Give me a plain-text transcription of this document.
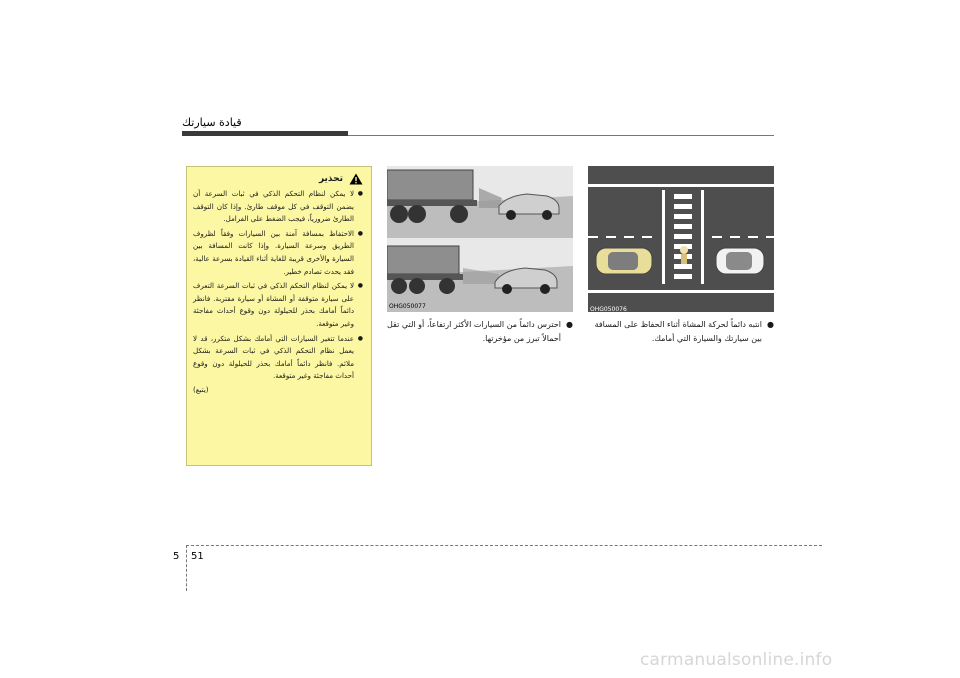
قيادة سيارتك
تحذير
● لا يمكن لنظام التحكم الذكي في ثبات السرعة أن يضمن التوقف في كل موقف طارئ. وإذا كان التوقف الطارئ ضرورياً، فيجب الضغط على الفرامل.
● الاحتفاظ بمسافة آمنة بين السيارات وفقاً لظروف الطريق وسرعة السيارة. وإذا كانت المسافة بين السيارة والأخرى قريبة للغاية أثناء القيادة بسرعة عالية، فقد يحدث تصادم خطير.
● لا يمكن لنظام التحكم الذكي في ثبات السرعة التعرف على سيارة متوقفة أو المشاة أو سيارة مقتربة. فانظر دائماً أمامك بحذر للحيلولة دون وقوع أحداث مفاجئة وغير متوقعة.
● عندما تتغير السيارات التي أمامك بشكل متكرر، قد لا يعمل نظام التحكم الذكي في ثبات السرعة بشكل ملائم. فانظر دائماً أمامك بحذر للحيلولة دون وقوع أحداث مفاجئة وغير متوقعة.
(يتبع)
OHG050077	OHG050076
● احترس دائماً من السيارات الأكثر ارتفاعاً، أو التي تقل أحمالاً تبرز من مؤخرتها.
● انتبه دائماً لحركة المشاة أثناء الحفاظ على المسافة بين سيارتك والسيارة التي أمامك.
5 51
carmanualsonline.info
